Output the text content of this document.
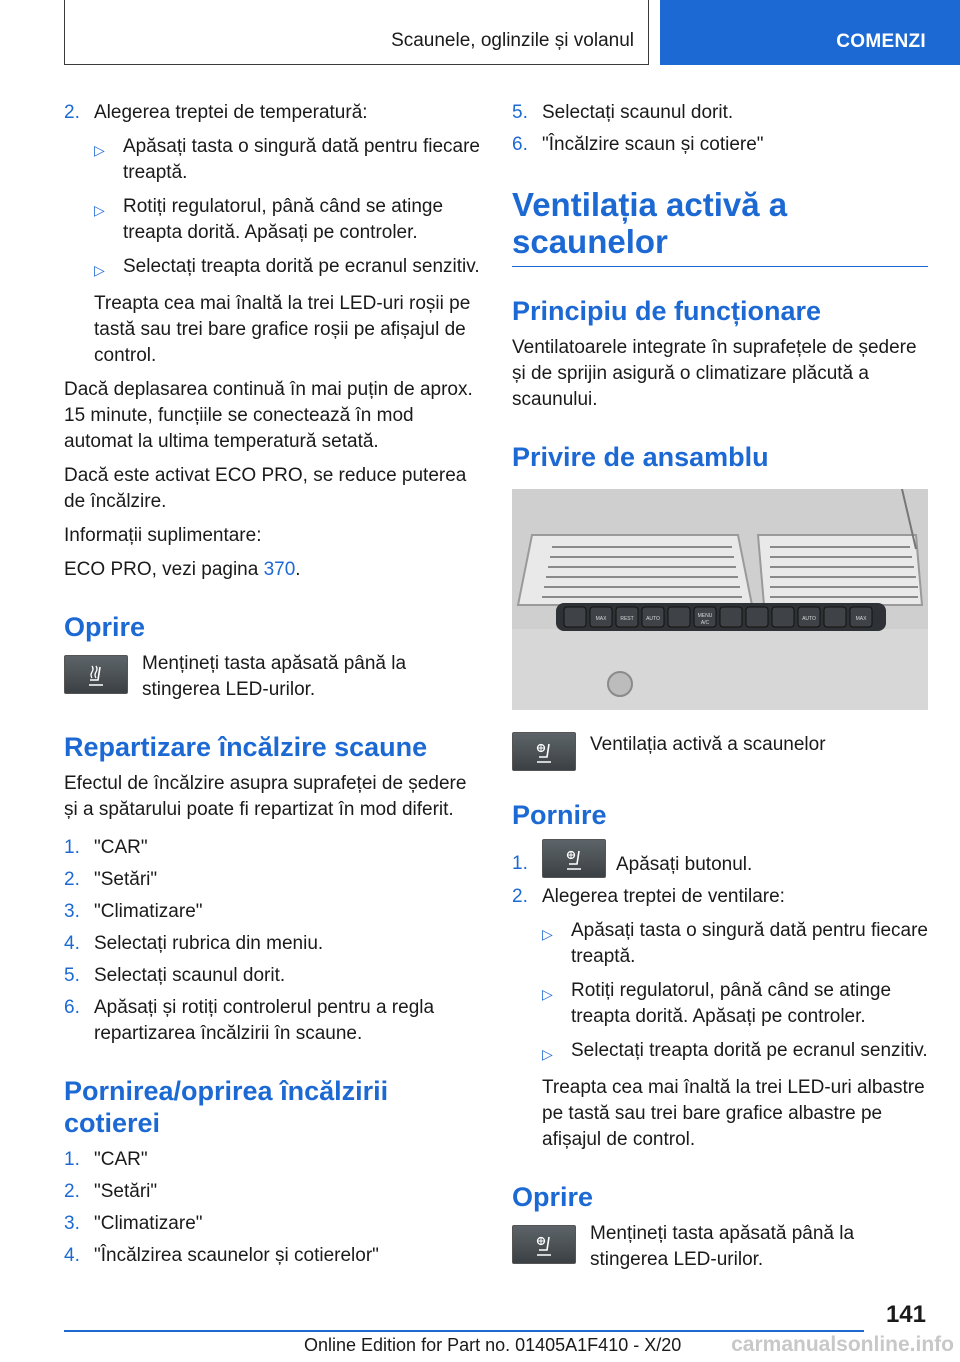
Scaunele, oglinzile și volanul	COMENZI
2. Alegerea treptei de temperatură:
▷ Apăsați tasta o singură dată pentru fiecare treaptă.
▷ Rotiți regulatorul, până când se atinge treapta dorită. Apăsați pe controler.
▷ Selectați treapta dorită pe ecranul senzitiv.

Treapta cea mai înaltă la trei LED-uri roșii pe tastă sau trei bare grafice roșii pe afișajul de control.

Dacă deplasarea continuă în mai puțin de aprox. 15 minute, funcțiile se conectează în mod automat la ultima temperatură setată.

Dacă este activat ECO PRO, se reduce puterea de încălzire.

Informații suplimentare:

ECO PRO, vezi pagina 370.

Oprire

Mențineți tasta apăsată până la stingerea LED-urilor.

Repartizare încălzire scaune

Efectul de încălzire asupra suprafeței de ședere și a spătarului poate fi repartizat în mod diferit.

1. "CAR"
2. "Setări"
3. "Climatizare"
4. Selectați rubrica din meniu.
5. Selectați scaunul dorit.
6. Apăsați și rotiți controlerul pentru a regla repartizarea încălzirii în scaune.
Pornirea/oprirea încălzirii cotierei
1. "CAR"
2. "Setări"
3. "Climatizare"
4. "Încălzirea scaunelor și cotierelor"
5. Selectați scaunul dorit.
6. "Încălzire scaun și cotiere"
Ventilația activă a scaunelor
Principiu de funcționare

Ventilatoarele integrate în suprafețele de ședere și de sprijin asigură o climatizare plăcută a scaunului.

Privire de ansamblu
MAX	REST AUTO	MENU
A/C
AUTO	MAX

Ventilația activă a scaunelor

Pornire
1.	Apăsați butonul.
2. Alegerea treptei de ventilare:
▷ Apăsați tasta o singură dată pentru fiecare treaptă.
▷ Rotiți regulatorul, până când se atinge treapta dorită. Apăsați pe controler.
▷ Selectați treapta dorită pe ecranul senzitiv.

Treapta cea mai înaltă la trei LED-uri albastre pe tastă sau trei bare grafice albastre pe afișajul de control.

Oprire

Mențineți tasta apăsată până la stingerea LED-urilor.

141
Online Edition for Part no. 01405A1F410 - X/20 carmanualsonline.info
